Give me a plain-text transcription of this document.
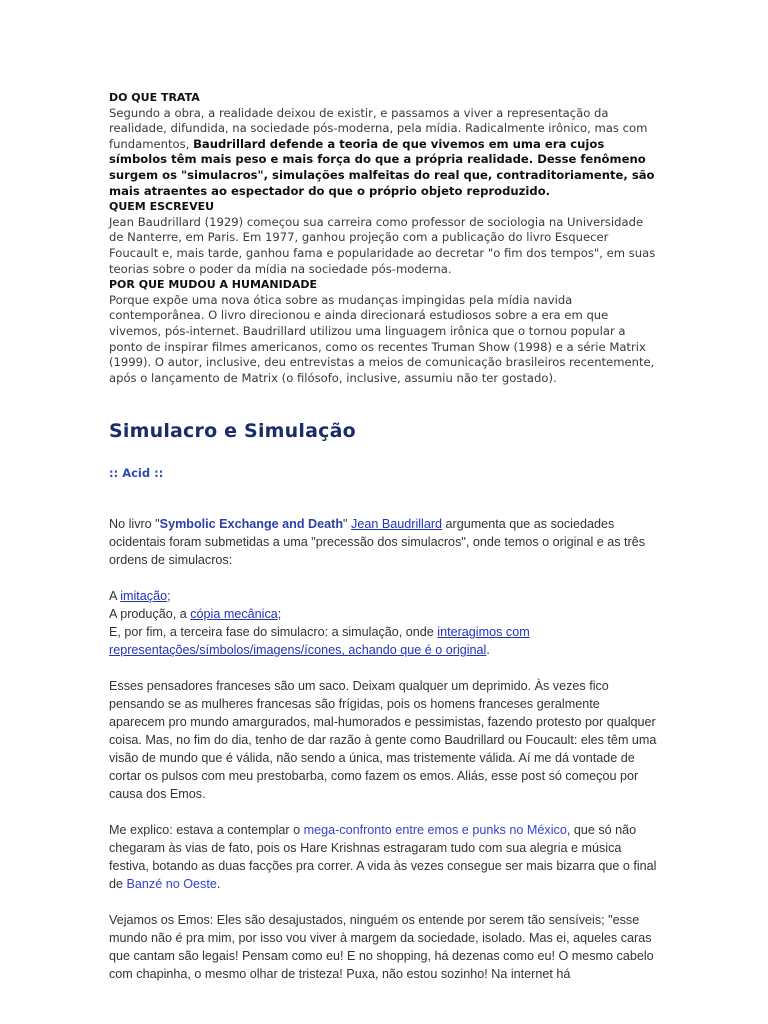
DO QUE TRATA

Segundo a obra, a realidade deixou de existir, e passamos a viver a representação da realidade, difundida, na sociedade pós-moderna, pela mídia. Radicalmente irônico, mas com fundamentos, Baudrillard defende a teoria de que vivemos em uma era cujos símbolos têm mais peso e mais força do que a própria realidade. Desse fenômeno surgem os "simulacros", simulações malfeitas do real que, contraditoriamente, são mais atraentes ao espectador do que o próprio objeto reproduzido.

QUEM ESCREVEU

Jean Baudrillard (1929) começou sua carreira como professor de sociologia na Universidade de Nanterre, em Paris. Em 1977, ganhou projeção com a publicação do livro Esquecer Foucault e, mais tarde, ganhou fama e popularidade ao decretar "o fim dos tempos", em suas teorias sobre o poder da mídia na sociedade pós-moderna.

POR QUE MUDOU A HUMANIDADE

Porque expõe uma nova ótica sobre as mudanças impingidas pela mídia navida contemporânea. O livro direcionou e ainda direcionará estudiosos sobre a era em que vivemos, pós-internet. Baudrillard utilizou uma linguagem irônica que o tornou popular a ponto de inspirar filmes americanos, como os recentes Truman Show (1998) e a série Matrix (1999). O autor, inclusive, deu entrevistas a meios de comunicação brasileiros recentemente, após o lançamento de Matrix (o filósofo, inclusive, assumiu não ter gostado).

Simulacro e Simulação
:: Acid ::

No livro "Symbolic Exchange and Death" Jean Baudrillard argumenta que as sociedades ocidentais foram submetidas a uma "precessão dos simulacros", onde temos o original e as três ordens de simulacros:

A imitação;
A produção, a cópia mecânica;
E, por fim, a terceira fase do simulacro: a simulação, onde interagimos com representações/símbolos/imagens/ícones, achando que é o original.

Esses pensadores franceses são um saco. Deixam qualquer um deprimido. Às vezes fico pensando se as mulheres francesas são frígidas, pois os homens franceses geralmente aparecem pro mundo amargurados, mal-humorados e pessimistas, fazendo protesto por qualquer coisa. Mas, no fim do dia, tenho de dar razão à gente como Baudrillard ou Foucault: eles têm uma visão de mundo que é válida, não sendo a única, mas tristemente válida. Aí me dá vontade de cortar os pulsos com meu prestobarba, como fazem os emos. Aliás, esse post só começou por causa dos Emos.

Me explico: estava a contemplar o mega-confronto entre emos e punks no México, que só não chegaram às vias de fato, pois os Hare Krishnas estragaram tudo com sua alegria e música festiva, botando as duas facções pra correr. A vida às vezes consegue ser mais bizarra que o final de Banzé no Oeste.

Vejamos os Emos: Eles são desajustados, ninguém os entende por serem tão sensíveis; "esse mundo não é pra mim, por isso vou viver à margem da sociedade, isolado. Mas ei, aqueles caras que cantam são legais! Pensam como eu! E no shopping, há dezenas como eu! O mesmo cabelo com chapinha, o mesmo olhar de tristeza! Puxa, não estou sozinho! Na internet há
